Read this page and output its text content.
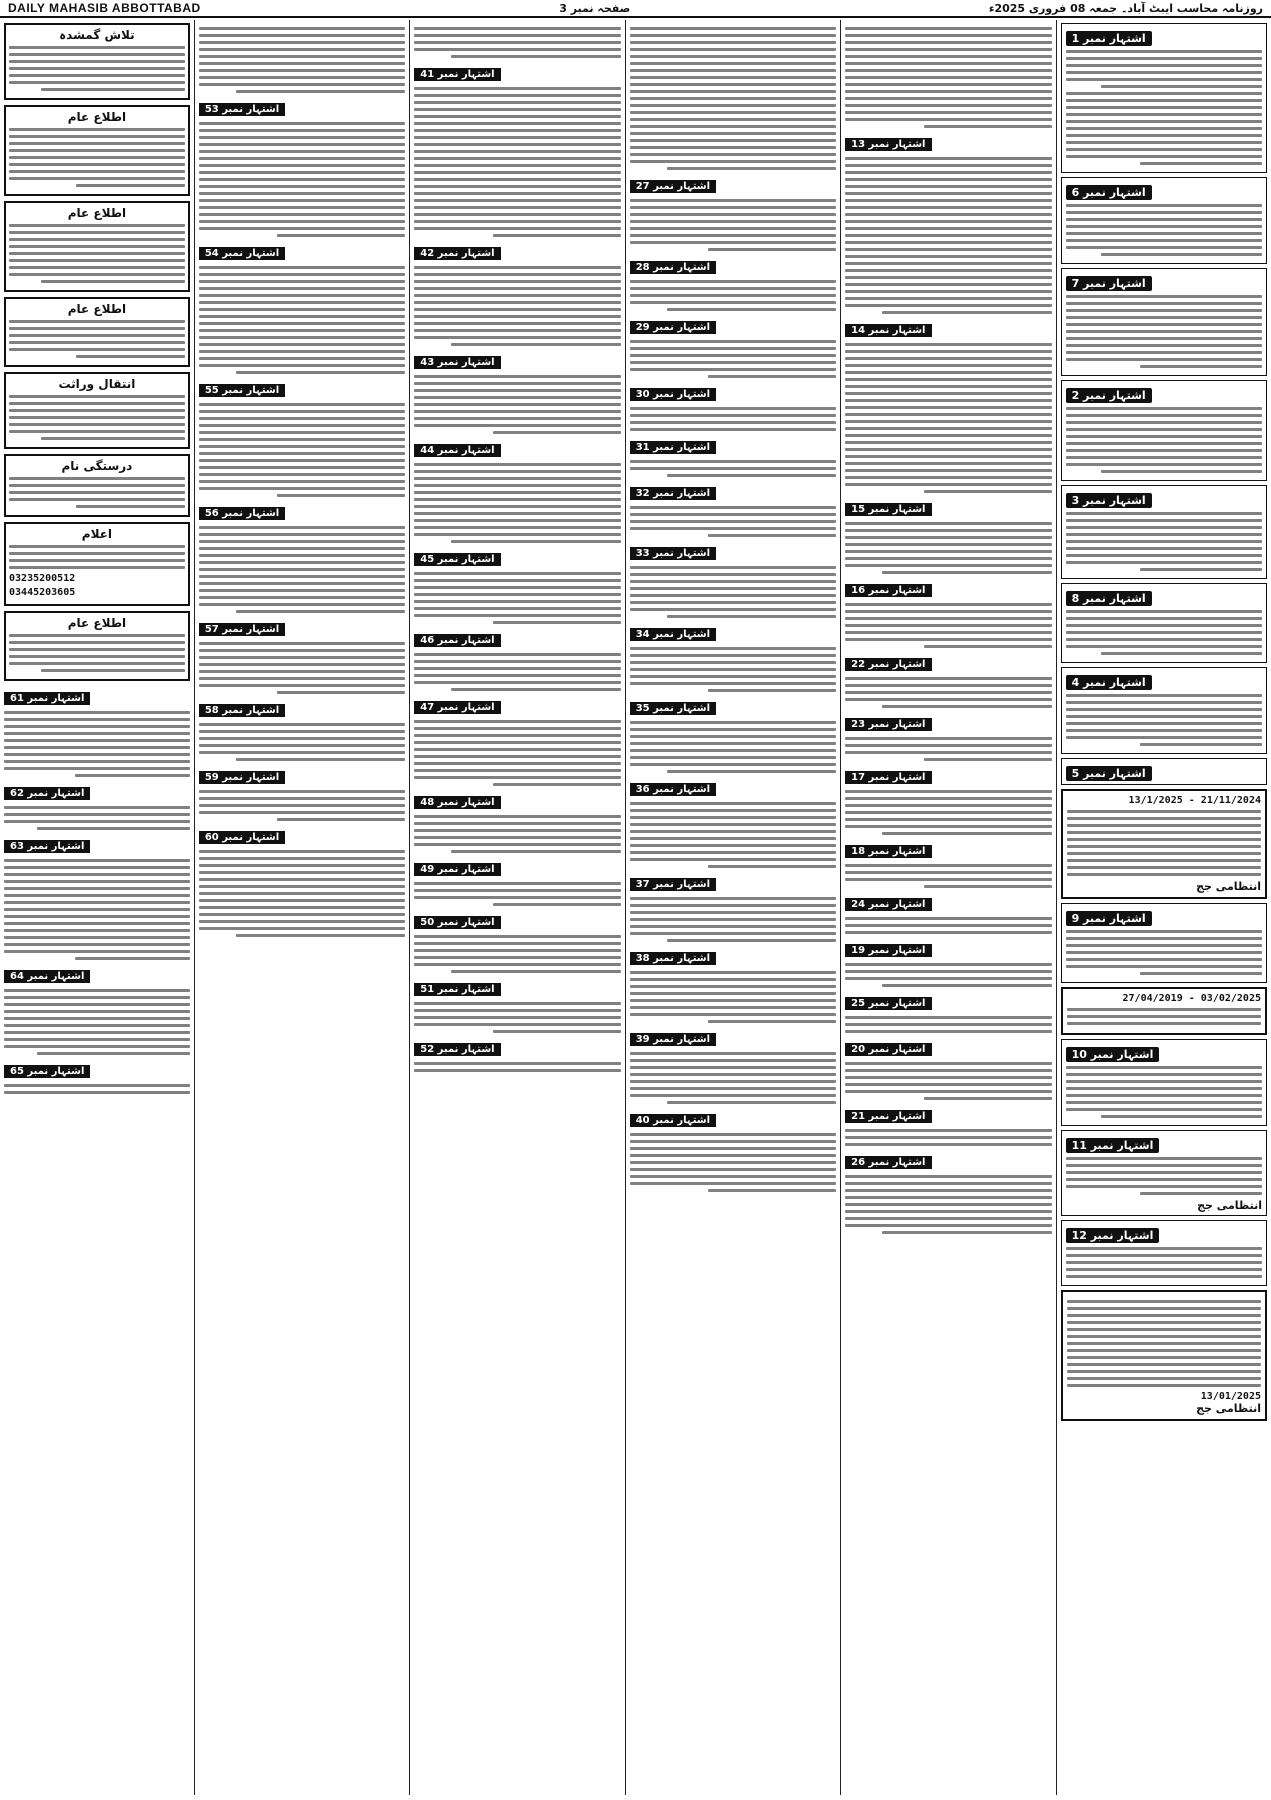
DAILY MAHASIB ABBOTTABAD	صفحہ نمبر 3	روزنامہ محاسب ایبٹ آباد۔ جمعہ 08 فروری 2025ء
اشتہار نمبر 1
اشتہار نمبر 6
اشتہار نمبر 7
اشتہار نمبر 2
اشتہار نمبر 3
اشتہار نمبر 8
اشتہار نمبر 4
اشتہار نمبر 5
13/1/2025 - 21/11/2024
انتظامی جج
اشتہار نمبر 9
27/04/2019 - 03/02/2025
اشتہار نمبر 10
اشتہار نمبر 11
انتظامی جج
اشتہار نمبر 12
13/01/2025
انتظامی جج
اشتہار نمبر 13
اشتہار نمبر 14
اشتہار نمبر 15
اشتہار نمبر 16
اشتہار نمبر 22
اشتہار نمبر 23
اشتہار نمبر 17
اشتہار نمبر 18
اشتہار نمبر 24
اشتہار نمبر 19
اشتہار نمبر 25
اشتہار نمبر 20
اشتہار نمبر 21
اشتہار نمبر 26
اشتہار نمبر 27
اشتہار نمبر 28
اشتہار نمبر 29
اشتہار نمبر 30
اشتہار نمبر 31
اشتہار نمبر 32
اشتہار نمبر 33
اشتہار نمبر 34
اشتہار نمبر 35
اشتہار نمبر 36
اشتہار نمبر 37
اشتہار نمبر 38
اشتہار نمبر 39
اشتہار نمبر 40
اشتہار نمبر 41
اشتہار نمبر 42
اشتہار نمبر 43
اشتہار نمبر 44
اشتہار نمبر 45
اشتہار نمبر 46
اشتہار نمبر 47
اشتہار نمبر 48
اشتہار نمبر 49
اشتہار نمبر 50
اشتہار نمبر 51
اشتہار نمبر 52
اشتہار نمبر 53
اشتہار نمبر 54
اشتہار نمبر 55
اشتہار نمبر 56
اشتہار نمبر 57
اشتہار نمبر 58
اشتہار نمبر 59
اشتہار نمبر 60
تلاش گمشدہ
اطلاع عام
اطلاع عام
اطلاع عام
انتقال وراثت
درستگی نام
اعلام
03235200512
03445203605
اطلاع عام
اشتہار نمبر 61
اشتہار نمبر 62
اشتہار نمبر 63
اشتہار نمبر 64
اشتہار نمبر 65
